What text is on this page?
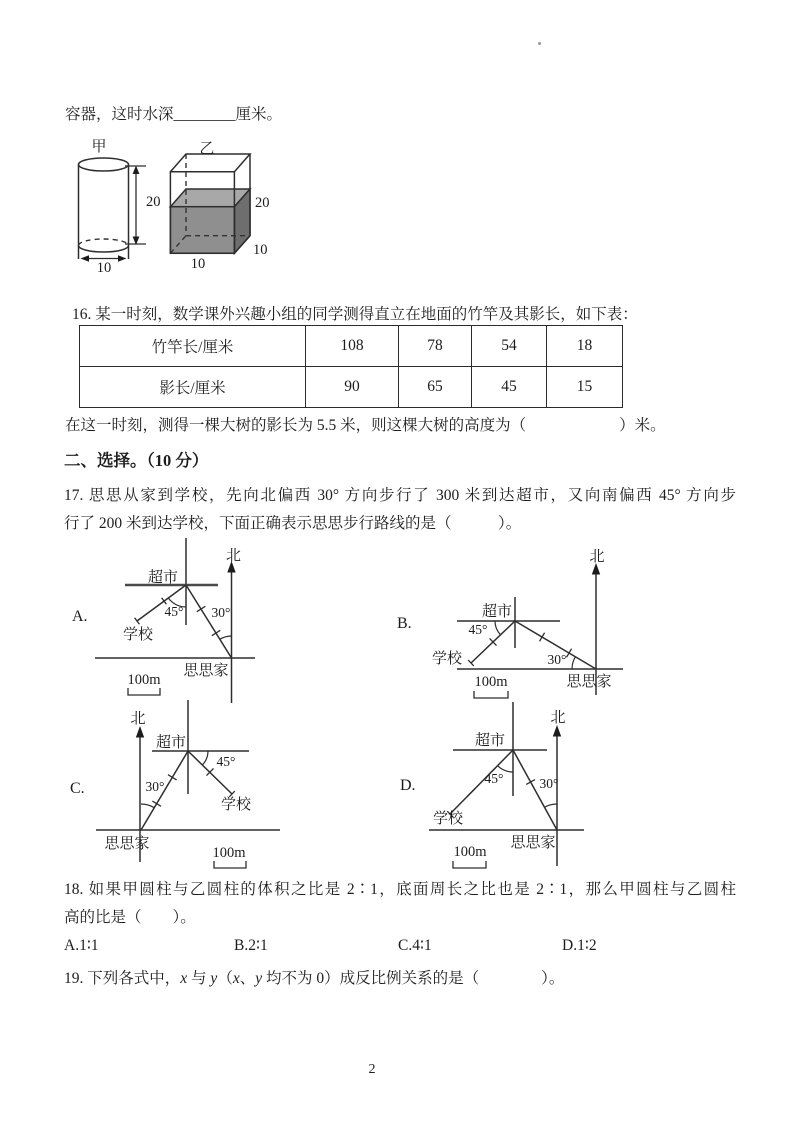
容器，这时水深________厘米。
甲
20
10
乙
20
10
10
16. 某一时刻，数学课外兴趣小组的同学测得直立在地面的竹竿及其影长，如下表：
竹竿长/厘米	108	78	54	18
影长/厘米	90	65	45	15
在这一时刻，测得一棵大树的影长为 5.5 米，则这棵大树的高度为（　　　　　　）米。
二、选择。（10 分）
17. 思思从家到学校，先向北偏西 30° 方向步行了 300 米到达超市，又向南偏西 45° 方向步
行了 200 米到达学校，下面正确表示思思步行路线的是（　　　）。
A.
北
超市
学校
思思家
45° 30°
100m
B.
北
超市
学校
思思家
45°
30°
100m
C.
北
超市
学校
思思家
45°
30°
100m
D.
北
超市
学校
思思家
45°	30°
100m
18. 如果甲圆柱与乙圆柱的体积之比是 2∶1，底面周长之比也是 2∶1，那么甲圆柱与乙圆柱
高的比是（　　）。
A.1∶1	B.2∶1	C.4∶1	D.1∶2
19. 下列各式中，x 与 y（x、y 均不为 0）成反比例关系的是（　　　　）。
2
